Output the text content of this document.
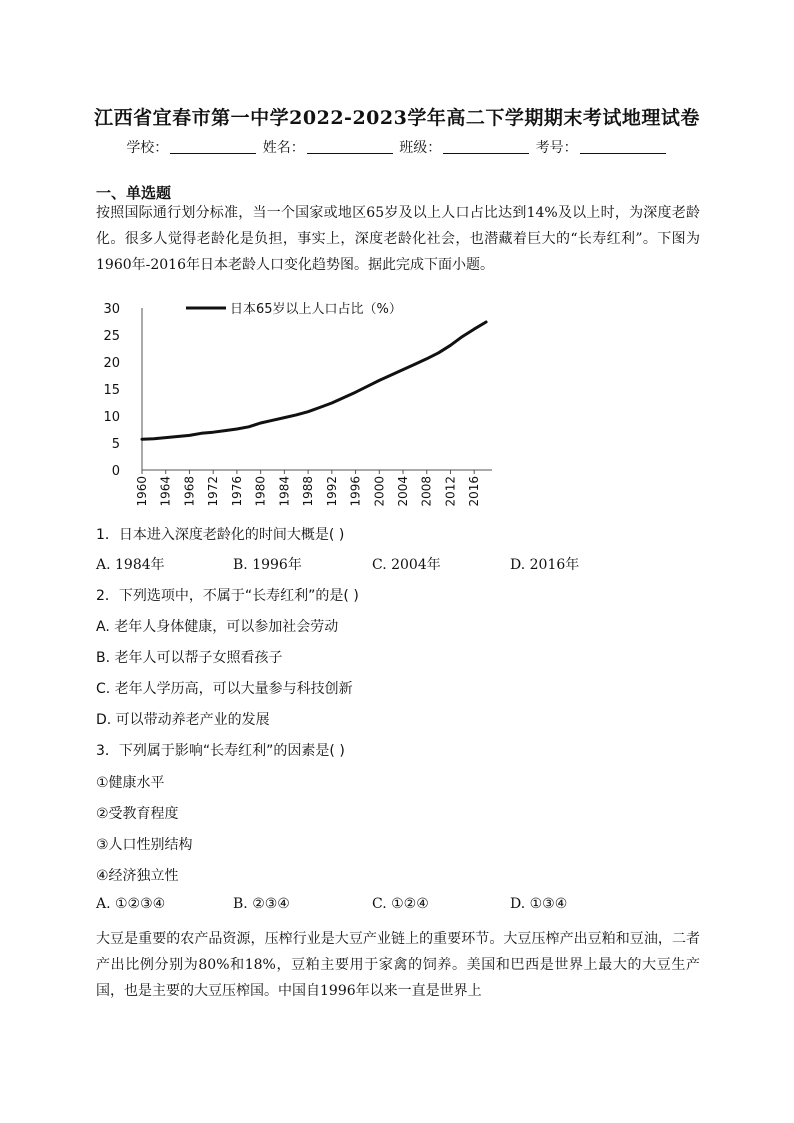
江西省宜春市第一中学2022-2023学年高二下学期期末考试地理试卷
学校：	姓名：	班级：	考号：
一、单选题
按照国际通行划分标准，当一个国家或地区65岁及以上人口占比达到14%及以上时，为深度老龄化。很多人觉得老龄化是负担，事实上，深度老龄化社会，也潜藏着巨大的“长寿红利”。下图为1960年-2016年日本老龄人口变化趋势图。据此完成下面小题。
0
5
10
15
20
25
30
1960 1964 1968 1972 1976 1980 1984 1988 1992 1996 2000 2004 2008 2012 2016
日本65岁以上人口占比（%）
1．日本进入深度老龄化的时间大概是( )
A. 1984年	B. 1996年	C. 2004年	D. 2016年
2．下列选项中，不属于“长寿红利”的是( )
A. 老年人身体健康，可以参加社会劳动
B. 老年人可以帮子女照看孩子
C. 老年人学历高，可以大量参与科技创新
D. 可以带动养老产业的发展
3．下列属于影响“长寿红利”的因素是( )
①健康水平
②受教育程度
③人口性别结构
④经济独立性
A. ①②③④	B. ②③④	C. ①②④	D. ①③④
大豆是重要的农产品资源，压榨行业是大豆产业链上的重要环节。大豆压榨产出豆粕和豆油，二者产出比例分别为80%和18%，豆粕主要用于家禽的饲养。美国和巴西是世界上最大的大豆生产国，也是主要的大豆压榨国。中国自1996年以来一直是世界上
